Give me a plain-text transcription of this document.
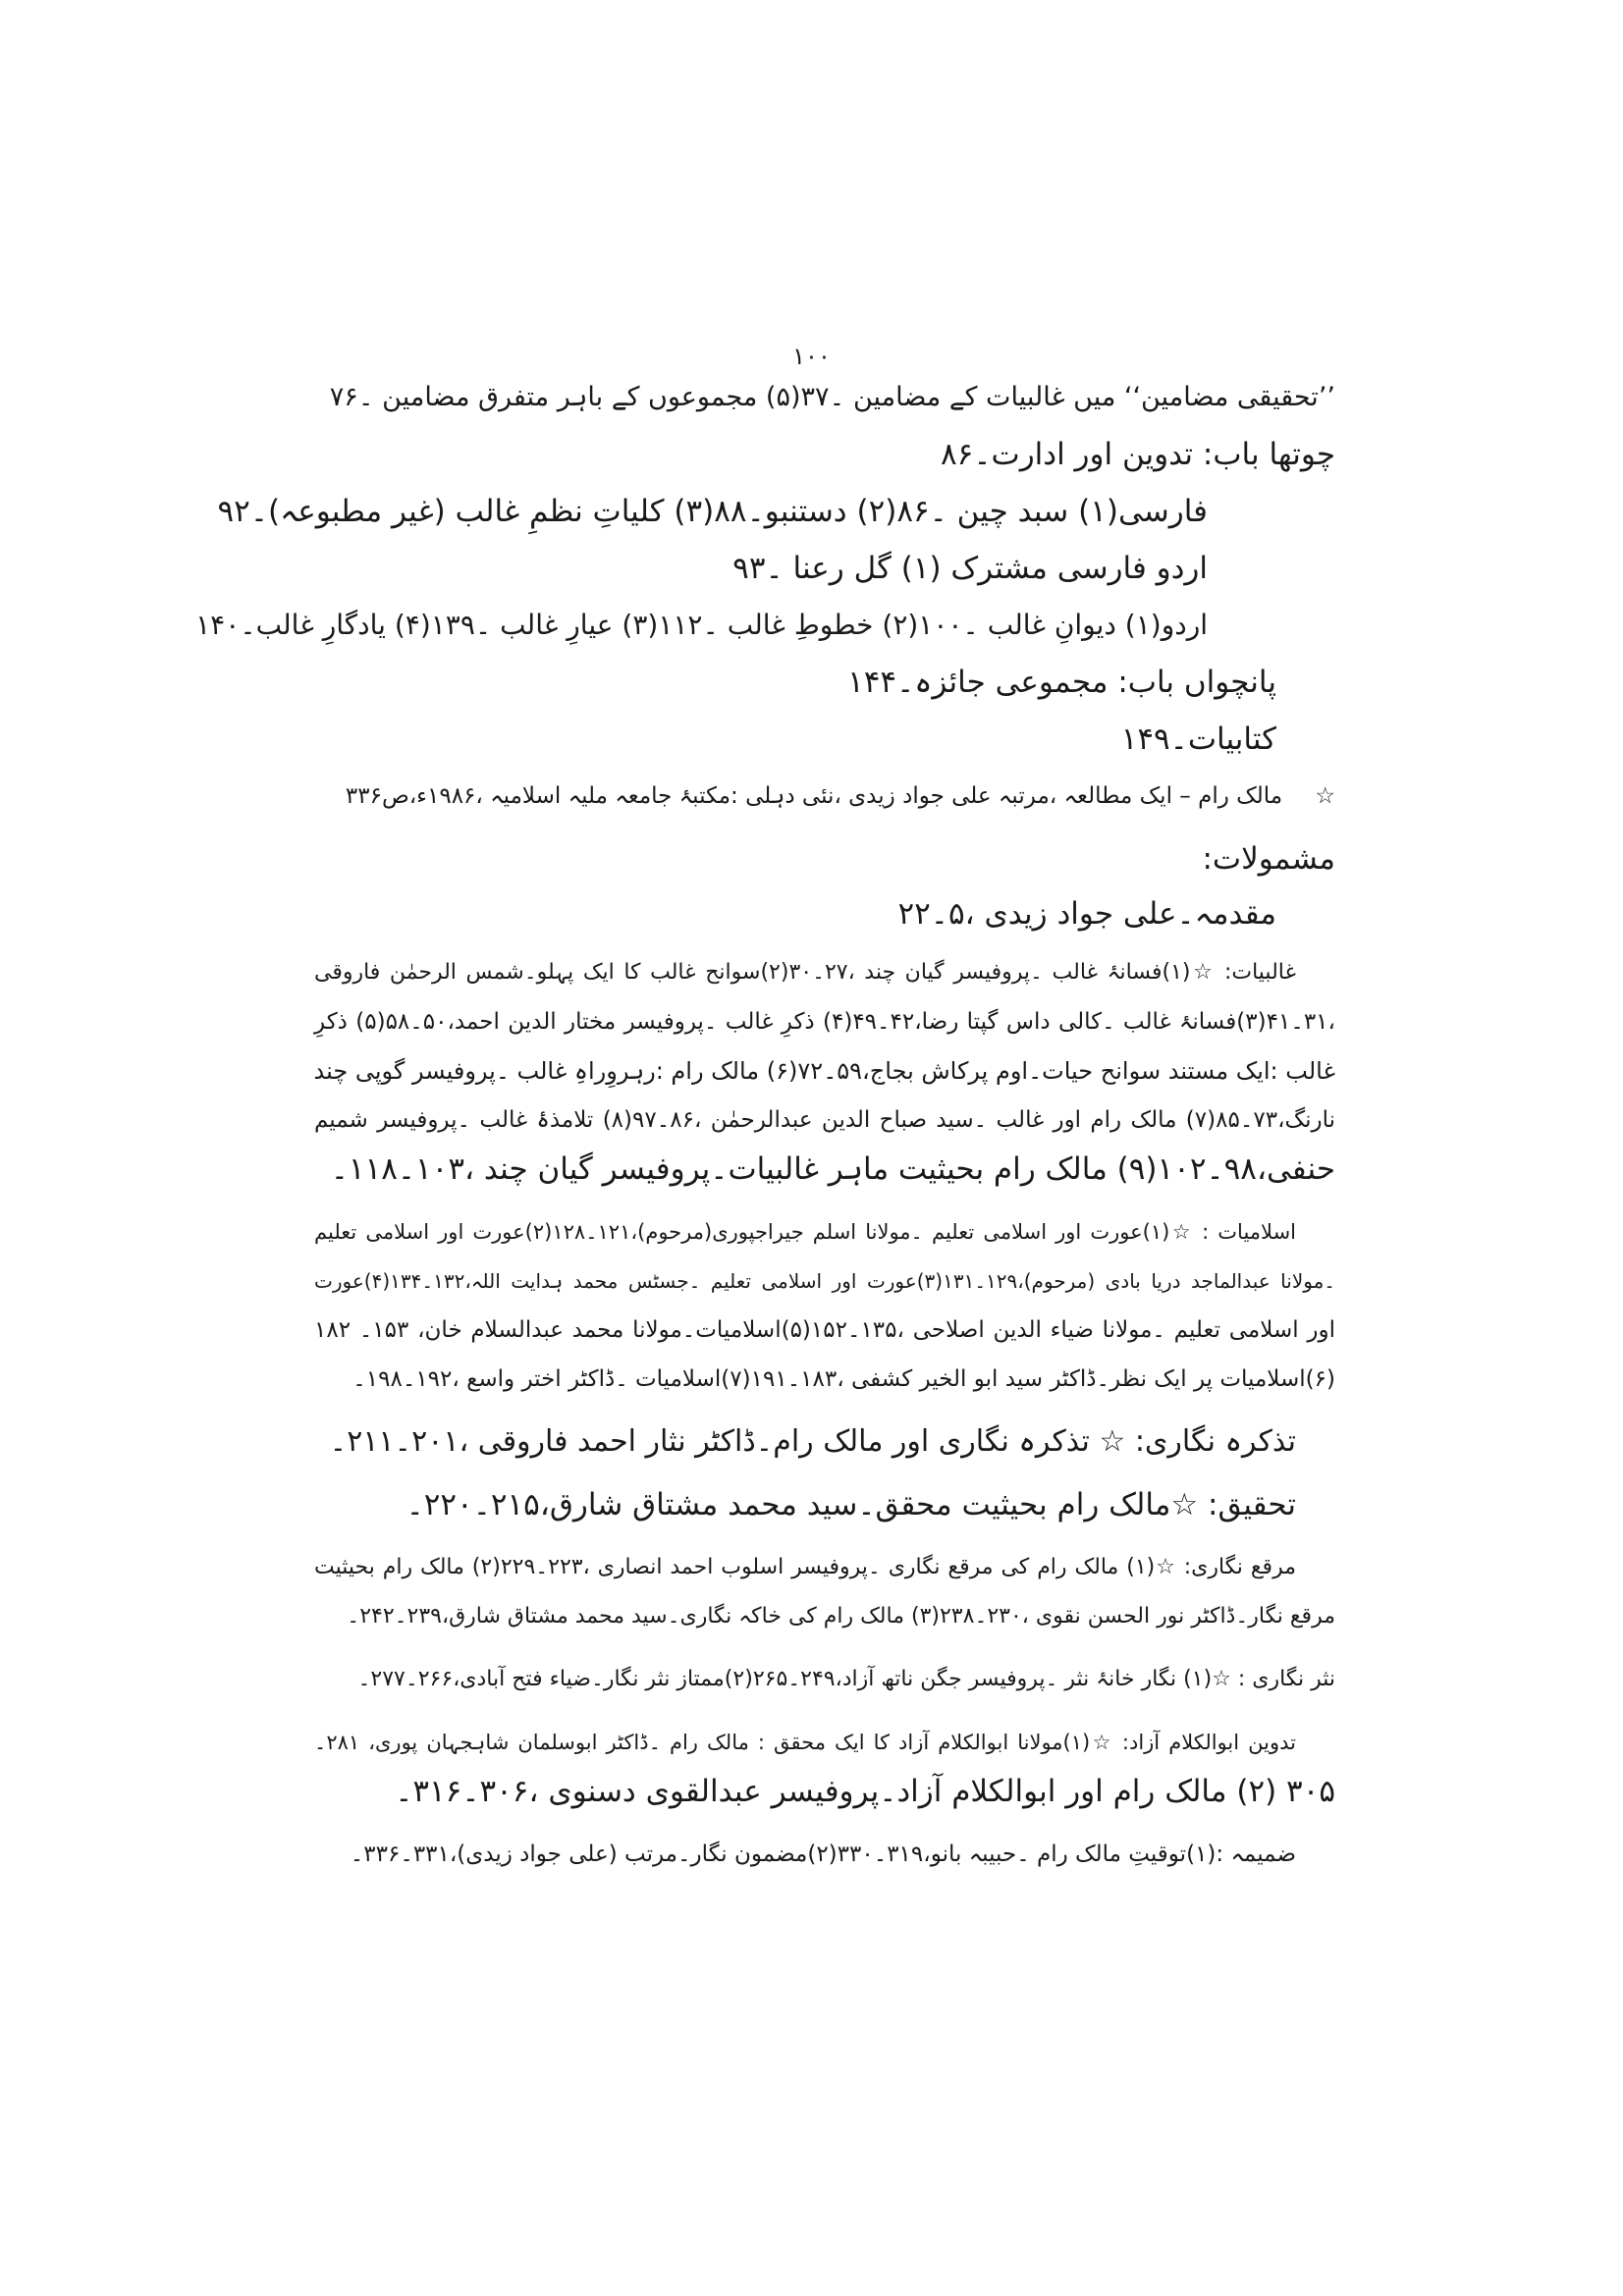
١٠٠
’’تحقیقی مضامین‘‘ میں غالبیات کے مضامین ۔۳۷(۵) مجموعوں کے باہر متفرق مضامین ۔۷۶
چوتھا باب: تدوین اور ادارت۔۸۶
فارسی(۱) سبد چین ۔۸۶(۲) دستنبو۔۸۸(۳) کلیاتِ نظمِ غالب (غیر مطبوعہ)۔۹۲
اردو فارسی مشترک (۱) گل رعنا ۔۹۳
اردو(۱) دیوانِ غالب ۔۱۰۰(۲) خطوطِ غالب ۔۱۱۲(۳) عیارِ غالب ۔۱۳۹(۴) یادگارِ غالب۔۱۴۰
پانچواں باب: مجموعی جائزہ۔۱۴۴
کتابیات۔۱۴۹
☆ مالک رام – ایک مطالعہ ،مرتبہ علی جواد زیدی ،نئی دہلی :مکتبۂ جامعہ ملیہ اسلامیہ ،۱۹۸۶ء،ص۳۳۶
مشمولات:
مقدمہ۔علی جواد زیدی ،۵۔۲۲
غالبیات: ☆(۱)فسانۂ غالب ۔پروفیسر گیان چند ،۲۷۔۳۰(۲)سوانح غالب کا ایک پہلو۔شمس الرحمٰن فاروقی
،۳۱۔۴۱(۳)فسانۂ غالب ۔کالی داس گپتا رضا،۴۲۔۴۹(۴) ذکرِ غالب ۔پروفیسر مختار الدین احمد،۵۰۔۵۸(۵) ذکرِ
غالب :ایک مستند سوانح حیات۔اوم پرکاش بجاج،۵۹۔۷۲(۶) مالک رام :رہروِراہِ غالب ۔پروفیسر گوپی چند
نارنگ،۷۳۔۸۵(۷) مالک رام اور غالب ۔سید صباح الدین عبدالرحمٰن ،۸۶۔۹۷(۸) تلامذۂ غالب ۔پروفیسر شمیم
حنفی،۹۸۔۱۰۲(۹) مالک رام بحیثیت ماہر غالبیات۔پروفیسر گیان چند ،۱۰۳۔۱۱۸۔
اسلامیات : ☆(۱)عورت اور اسلامی تعلیم ۔مولانا اسلم جیراجپوری(مرحوم)،۱۲۱۔۱۲۸(۲)عورت اور اسلامی تعلیم
۔مولانا عبدالماجد دریا بادی (مرحوم)،۱۲۹۔۱۳۱(۳)عورت اور اسلامی تعلیم ۔جسٹس محمد ہدایت اللہ،۱۳۲۔۱۳۴(۴)عورت
اور اسلامی تعلیم ۔مولانا ضیاء الدین اصلاحی ،۱۳۵۔۱۵۲(۵)اسلامیات۔مولانا محمد عبدالسلام خان، ۱۵۳۔ ۱۸۲
(۶)اسلامیات پر ایک نظر۔ڈاکٹر سید ابو الخیر کشفی ،۱۸۳۔۱۹۱(۷)اسلامیات ۔ڈاکٹر اختر واسع ،۱۹۲۔۱۹۸۔
تذکرہ نگاری: ☆ تذکرہ نگاری اور مالک رام۔ڈاکٹر نثار احمد فاروقی ،۲۰۱۔۲۱۱۔
تحقیق: ☆مالک رام بحیثیت محقق۔سید محمد مشتاق شارق،۲۱۵۔۲۲۰۔
مرقع نگاری: ☆(۱) مالک رام کی مرقع نگاری ۔پروفیسر اسلوب احمد انصاری ،۲۲۳۔۲۲۹(۲) مالک رام بحیثیت
مرقع نگار۔ڈاکٹر نور الحسن نقوی ،۲۳۰۔۲۳۸(۳) مالک رام کی خاکہ نگاری۔سید محمد مشتاق شارق،۲۳۹۔۲۴۲۔
نثر نگاری : ☆(۱) نگار خانۂ نثر ۔پروفیسر جگن ناتھ آزاد،۲۴۹۔۲۶۵(۲)ممتاز نثر نگار۔ضیاء فتح آبادی،۲۶۶۔۲۷۷۔
تدوین ابوالکلام آزاد: ☆(۱)مولانا ابوالکلام آزاد کا ایک محقق : مالک رام ۔ڈاکٹر ابوسلمان شاہجہان پوری، ۲۸۱۔
۳۰۵ (۲) مالک رام اور ابوالکلام آزاد۔پروفیسر عبدالقوی دسنوی ،۳۰۶۔۳۱۶۔
ضمیمہ :(۱)توقیتِ مالک رام ۔حبیبہ بانو،۳۱۹۔۳۳۰(۲)مضمون نگار۔مرتب (علی جواد زیدی)،۳۳۱۔۳۳۶۔
